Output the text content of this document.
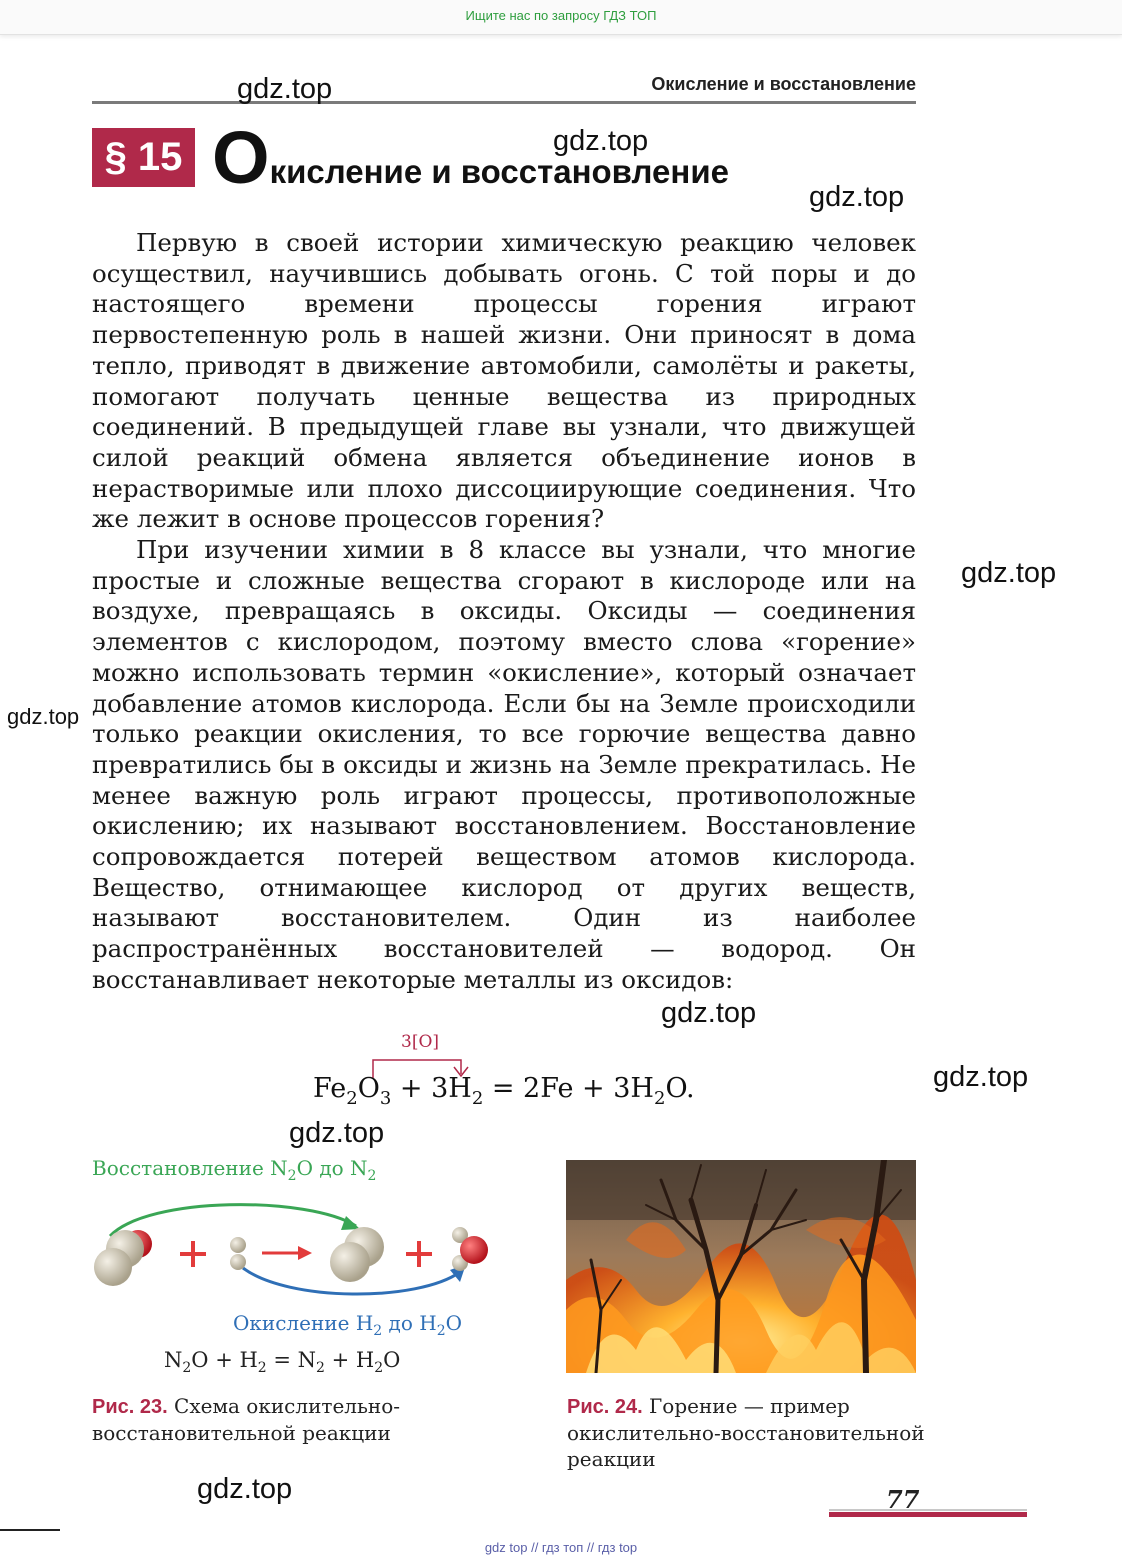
Ищите нас по запросу ГДЗ ТОП
Окисление и восстановление
§ 15 Окисление и восстановление

Первую в своей истории химическую реакцию человек осуществил, научившись добывать огонь. С той поры и до настоящего времени процессы горения играют первостепенную роль в нашей жизни. Они приносят в дома тепло, приводят в движение автомобили, самолёты и ракеты, помогают получать ценные вещества из природных соединений. В предыдущей главе вы узнали, что движущей силой реакций обмена является объединение ионов в нерастворимые или плохо диссоциирующие соединения. Что же лежит в основе процессов горения?

При изучении химии в 8 классе вы узнали, что многие простые и сложные вещества сгорают в кислороде или на воздухе, превращаясь в оксиды. Оксиды — соединения элементов с кислородом, поэтому вместо слова «горение» можно использовать термин «окисление», который означает добавление атомов кислорода. Если бы на Земле происходили только реакции окисления, то все горючие вещества давно превратились бы в оксиды и жизнь на Земле прекратилась. Не менее важную роль играют процессы, противоположные окислению; их называют восстановлением. Восстановление сопровождается потерей веществом атомов кислорода. Вещество, отнимающее кислород от других веществ, называют восстановителем. Один из наиболее распространённых восстановителей — водород. Он восстанавливает некоторые металлы из оксидов:

3[O]
$Fe_2O_3 + 3H_2 = 2Fe + 3H_2O$.
Восстановление $N_2O$ до $N_2$
Окисление $H_2$ до $H_2O$
$N_2O + H_2 = N_2 + H_2O$
Рис. 23. Схема окислительно-восстановительной реакции
Рис. 24. Горение — пример окислительно-восстановительной реакции
77
gdz top // гдз топ // гдз top
gdz.top
gdz.top
gdz.top
gdz.top
gdz.top
gdz.top
gdz.top
gdz.top
gdz.top
